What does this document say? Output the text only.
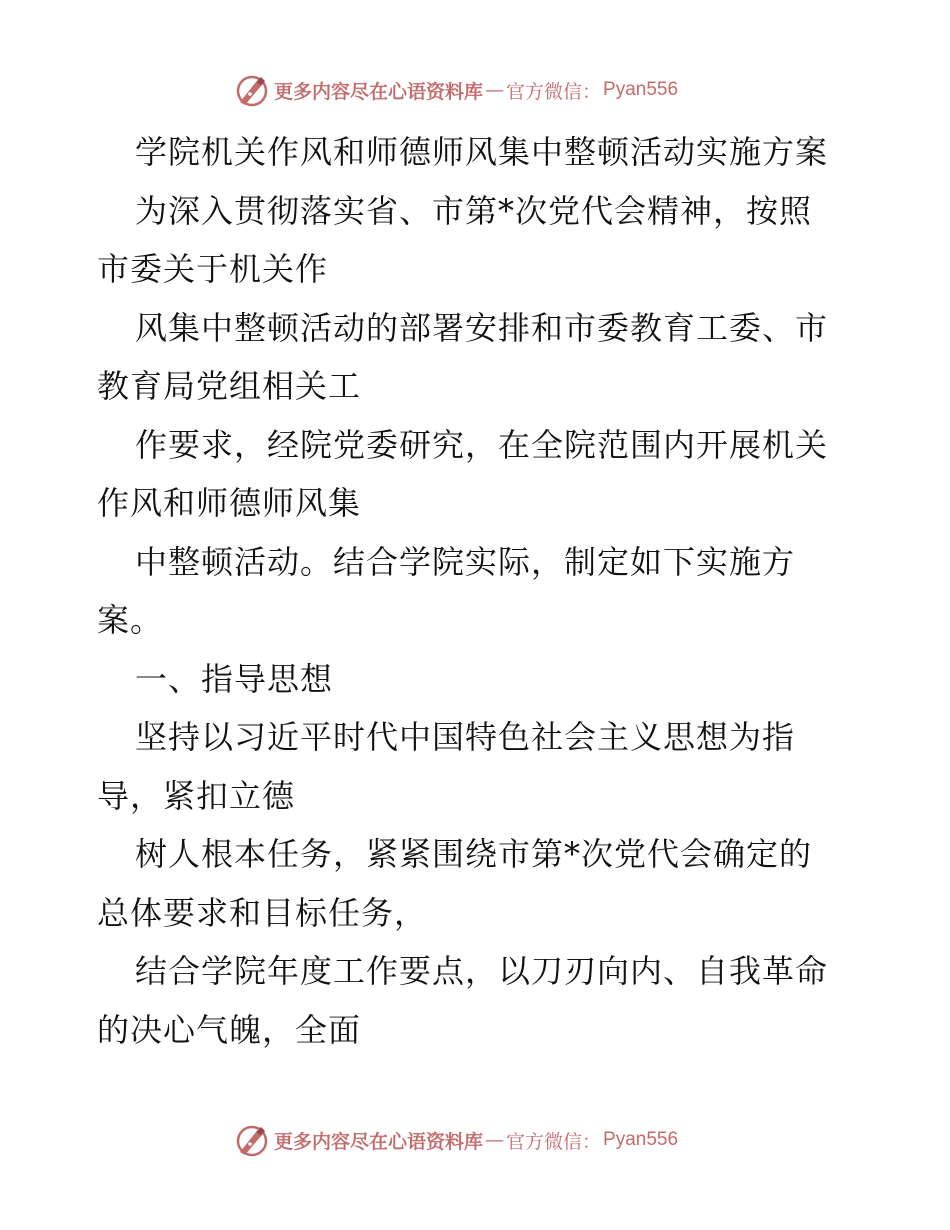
更多内容尽在心语资料库 — 官方微信： Pyan556
学院机关作风和师德师风集中整顿活动实施方案
为深入贯彻落实省、市第*次党代会精神，按照
市委关于机关作
风集中整顿活动的部署安排和市委教育工委、市
教育局党组相关工
作要求，经院党委研究，在全院范围内开展机关
作风和师德师风集
中整顿活动。结合学院实际，制定如下实施方
案。
一、指导思想
坚持以习近平时代中国特色社会主义思想为指
导，紧扣立德
树人根本任务，紧紧围绕市第*次党代会确定的
总体要求和目标任务，
结合学院年度工作要点，以刀刃向内、自我革命
的决心气魄，全面
更多内容尽在心语资料库 — 官方微信： Pyan556
